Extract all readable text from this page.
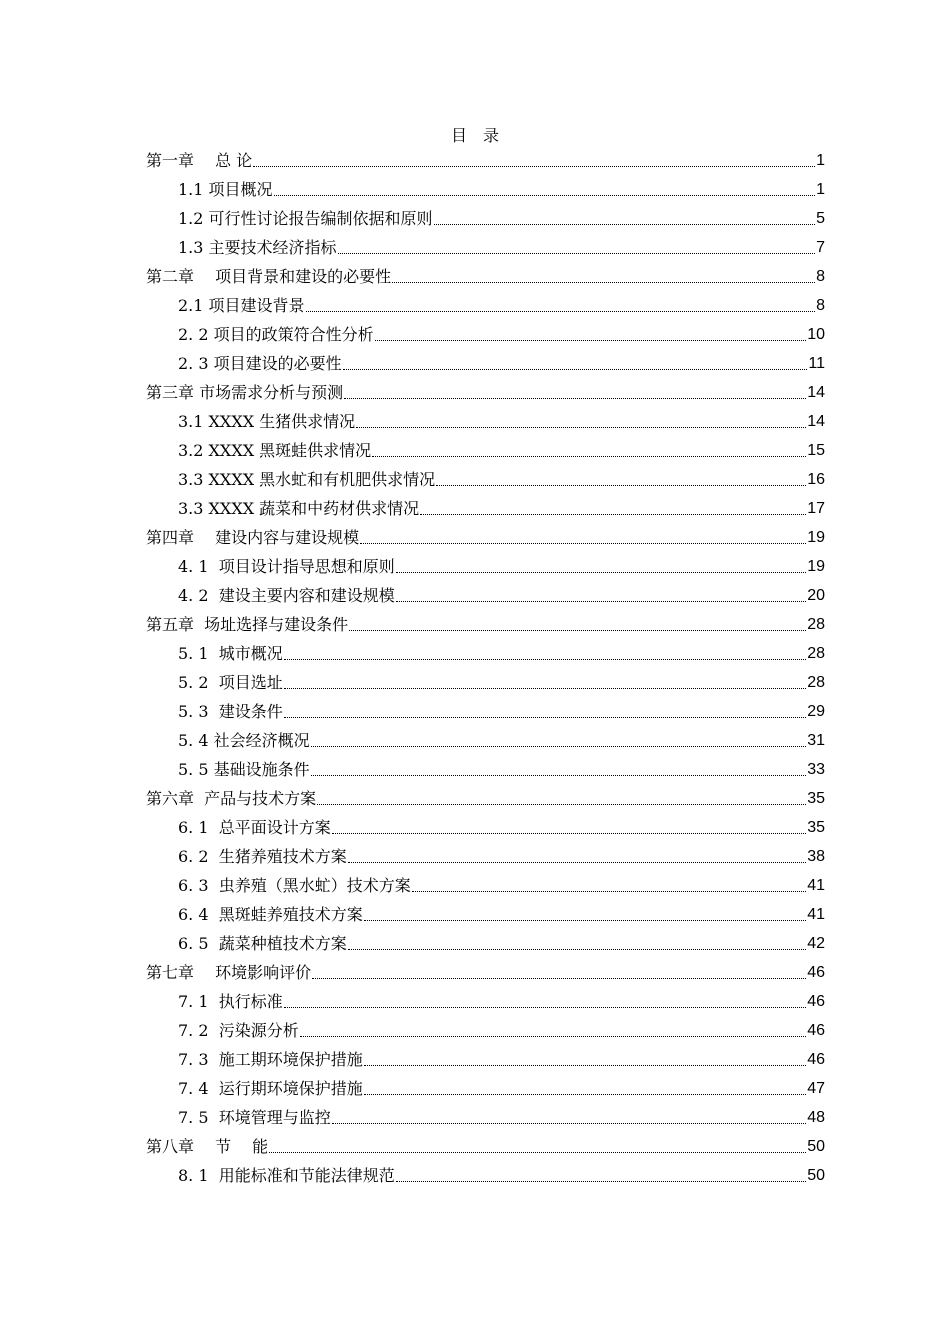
目　录
第一章　 总 论	1
1.1 项目概况	1
1.2 可行性讨论报告编制依据和原则	5
1.3 主要技术经济指标	7
第二章　 项目背景和建设的必要性	8
2.1 项目建设背景	8
2. 2 项目的政策符合性分析	10
2. 3 项目建设的必要性	11
第三章 市场需求分析与预测	14
3.1 XXXX 生猪供求情况	14
3.2 XXXX 黑斑蛙供求情况	15
3.3 XXXX 黑水虻和有机肥供求情况	16
3.3 XXXX 蔬菜和中药材供求情况	17
第四章　 建设内容与建设规模	19
4. 1  项目设计指导思想和原则	19
4. 2  建设主要内容和建设规模	20
第五章  场址选择与建设条件	28
5. 1  城市概况	28
5. 2  项目选址	28
5. 3  建设条件	29
5. 4 社会经济概况	31
5. 5 基础设施条件	33
第六章  产品与技术方案	35
6. 1  总平面设计方案	35
6. 2  生猪养殖技术方案	38
6. 3  虫养殖（黑水虻）技术方案	41
6. 4  黑斑蛙养殖技术方案	41
6. 5  蔬菜种植技术方案	42
第七章　 环境影响评价	46
7. 1  执行标准	46
7. 2  污染源分析	46
7. 3  施工期环境保护措施	46
7. 4  运行期环境保护措施	47
7. 5  环境管理与监控	48
第八章　 节　 能	50
8. 1  用能标准和节能法律规范	50
